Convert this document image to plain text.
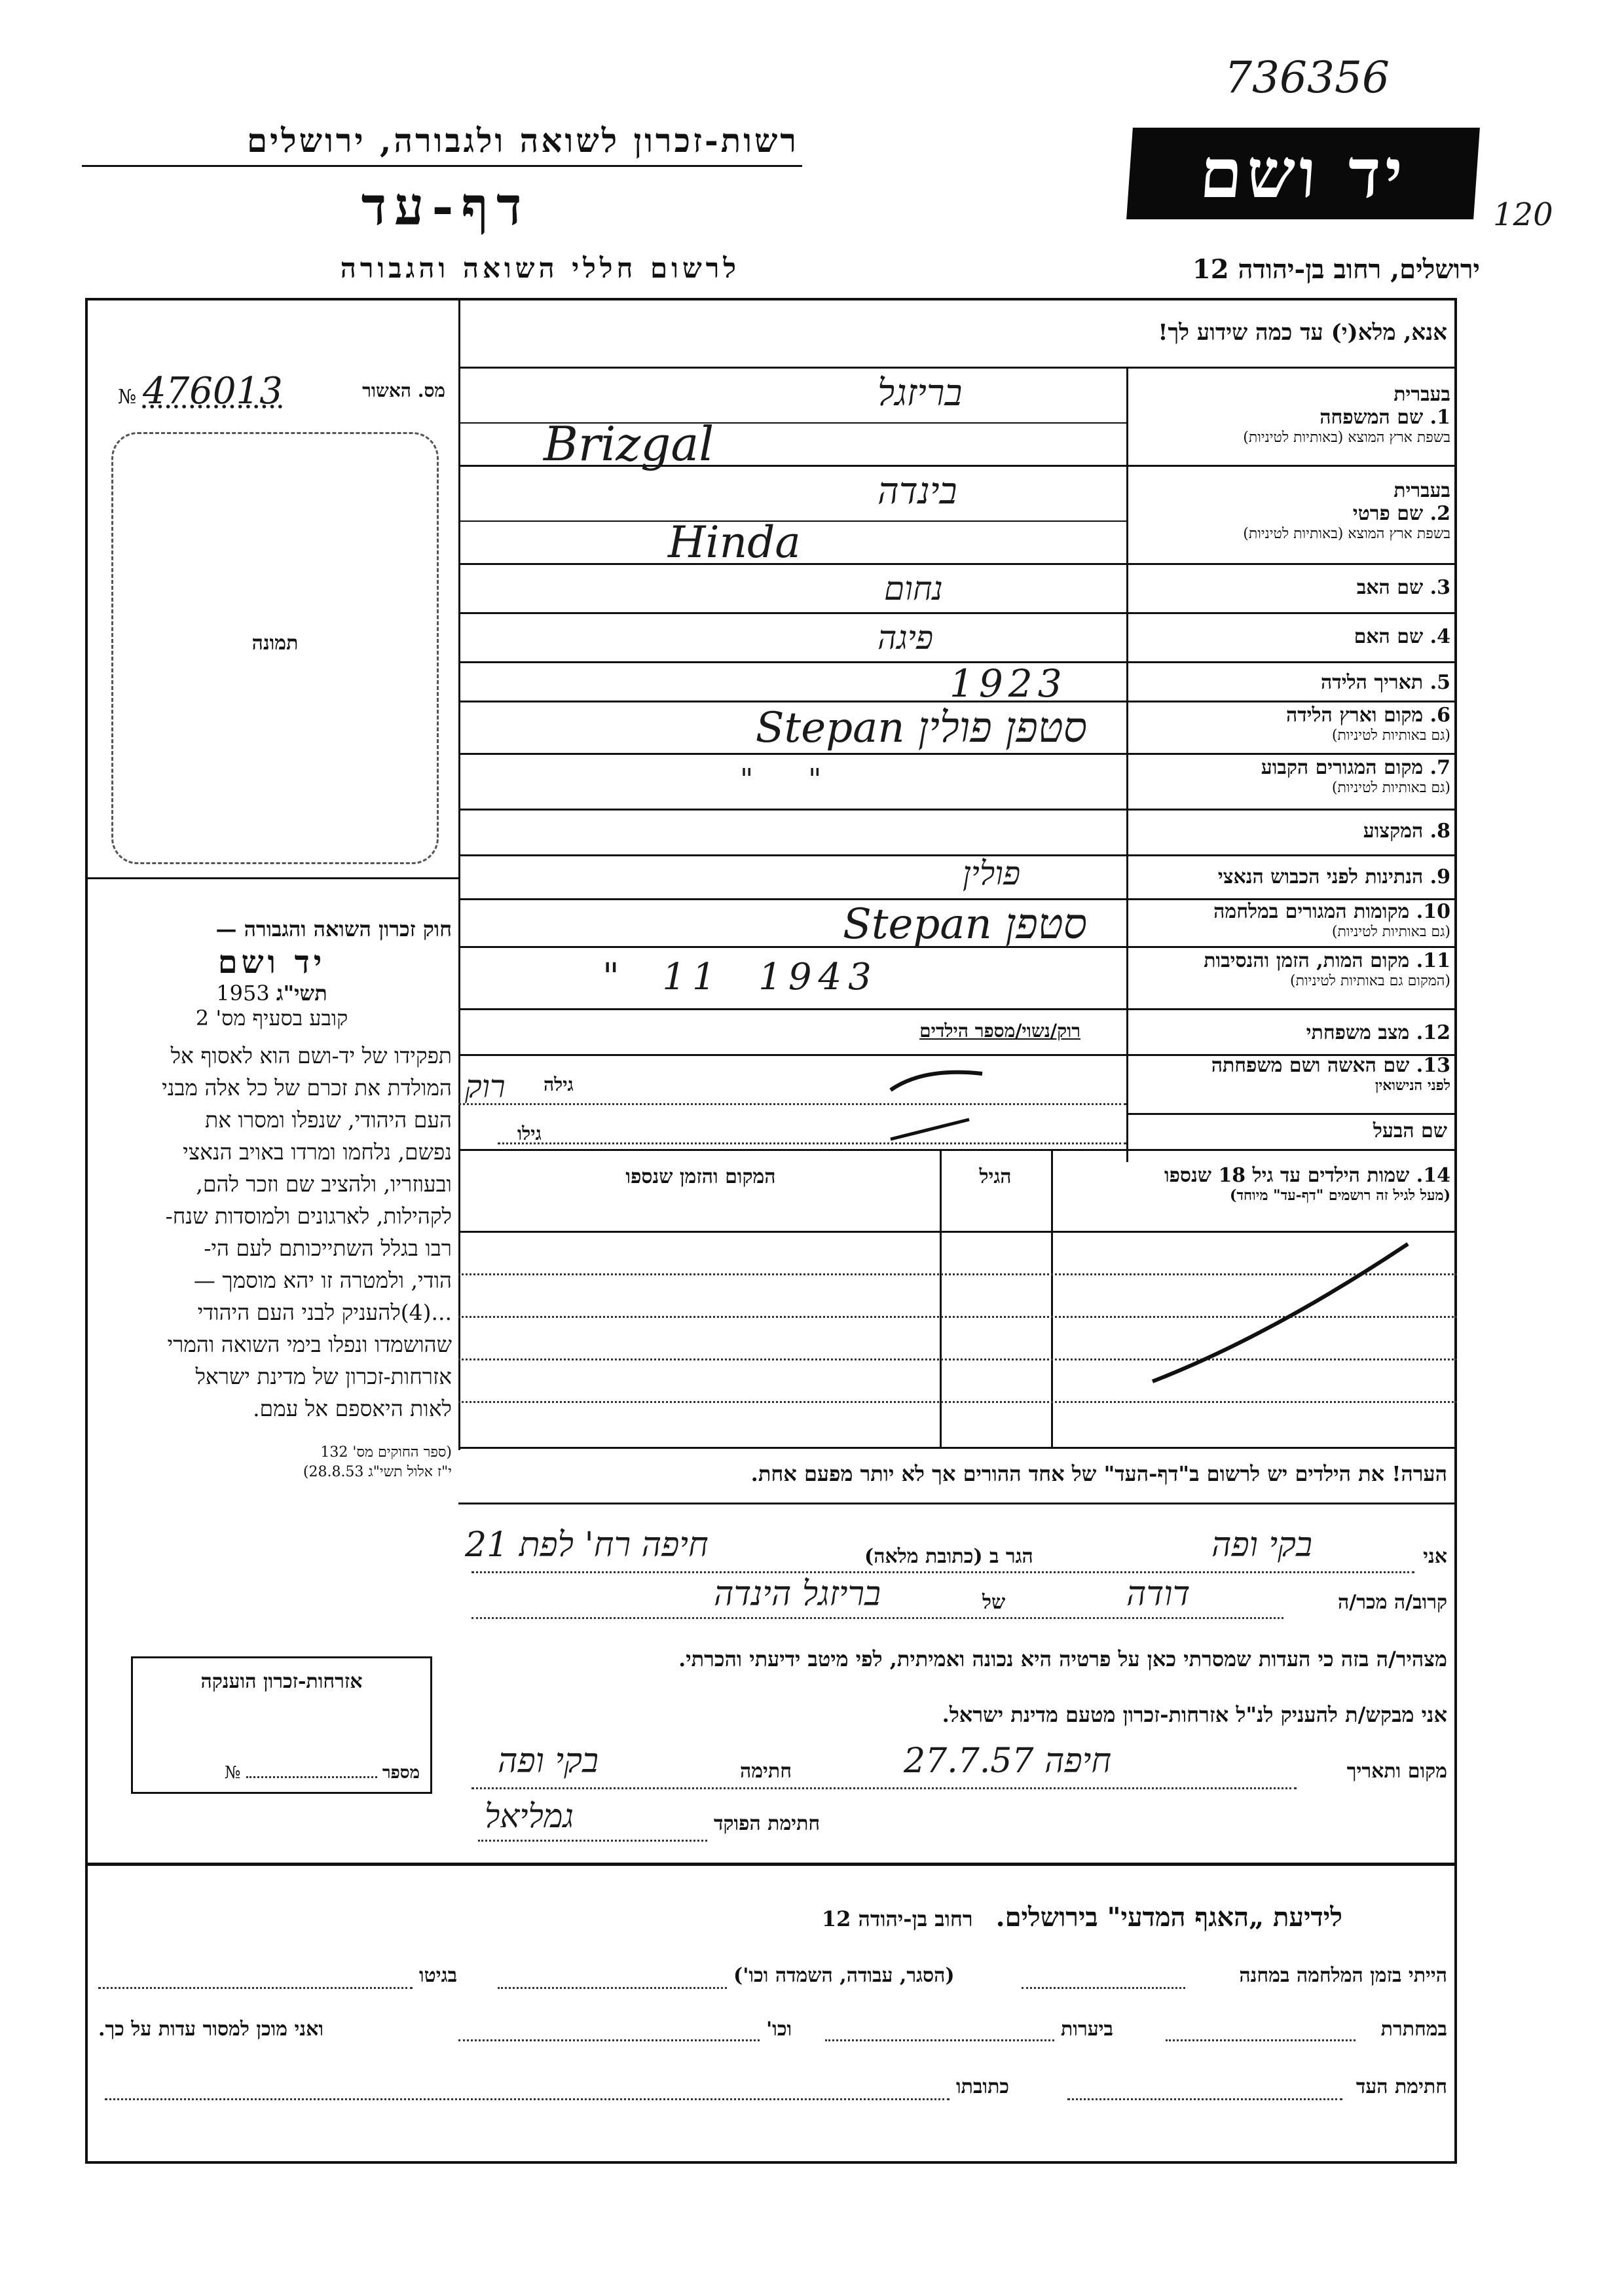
736356
120
רשות-זכרון לשואה ולגבורה, ירושלים
דף-עד
לרשום חללי השואה והגבורה
יד ושם
ירושלים, רחוב בן-יהודה 12
אנא, מלא(י) עד כמה שידוע לך!
מס. האשור
№ 476013
תמונה
חוק זכרון השואה והגבורה —
יד ושם
תשי"ג 1953
קובע בסעיף מס' 2
תפקידו של יד-ושם הוא לאסוף אל
המולדת את זכרם של כל אלה מבני
העם היהודי, שנפלו ומסרו את
נפשם, נלחמו ומרדו באויב הנאצי
ובעוזריו, ולהציב שם וזכר להם,
לקהילות, לארגונים ולמוסדות שנח-
רבו בגלל השתייכותם לעם הי-
הודי, ולמטרה זו יהא מוסמך —
...(4)להעניק לבני העם היהודי
שהושמדו ונפלו בימי השואה והמרי
אזרחות-זכרון של מדינת ישראל
לאות היאספם אל עמם.
(ספר החוקים מס' 132
י"ז אלול תשי"ג 28.8.53)
בעברית
1. שם המשפחה
בשפת ארץ המוצא (באותיות לטיניות)
בריזגל
Brizgal
בעברית
2. שם פרטי
בשפת ארץ המוצא (באותיות לטיניות)
בינדה
Hinda
3. שם האב
נחום
4. שם האם
פיגה
5. תאריך הלידה
1923
6. מקום וארץ הלידה
(גם באותיות לטיניות)
סטפן פולין Stepan
7. מקום המגורים הקבוע
(גם באותיות לטיניות)
"      "
8. המקצוע
9. הנתינות לפני הכבוש הנאצי
פולין
10. מקומות המגורים במלחמה
(גם באותיות לטיניות)
סטפן Stepan
11. מקום המות, הזמן והנסיבות
(המקום גם באותיות לטיניות)
"  11  1943
12. מצב משפחתי
רוק/נשוי/מספר הילדים
13. שם האשה ושם משפחתה
לפני הנישואין
גילה
רוק
שם הבעל
גילו
14. שמות הילדים עד גיל 18 שנספו
(מעל לגיל זה רושמים "דף-עד" מיוחד)
הגיל
המקום והזמן שנספו
הערה! את הילדים יש לרשום ב"דף-העד" של אחד ההורים אך לא יותר מפעם אחת.
אני
בקי ופה
הגר ב (כתובת מלאה)
חיפה רח' לפת 21
קרוב/ה מכר/ה
דודה
של
בריזגל הינדה
מצהיר/ה בזה כי העדות שמסרתי כאן על פרטיה היא נכונה ואמיתית, לפי מיטב ידיעתי והכרתי.
אני מבקש/ת להעניק לנ"ל אזרחות-זכרון מטעם מדינת ישראל.
מקום ותאריך
חיפה 27.7.57
חתימה
בקי ופה
חתימת הפוקד
גמליאל
אזרחות-זכרון הוענקה
מספר  №
לידיעת „האגף המדעי" בירושלים. רחוב בן-יהודה 12
הייתי בזמן המלחמה במחנה
(הסגר, עבודה, השמדה וכו')
בגיטו
במחתרת
ביערות
וכו'
ואני מוכן למסור עדות על כך.
חתימת העד
כתובתו
